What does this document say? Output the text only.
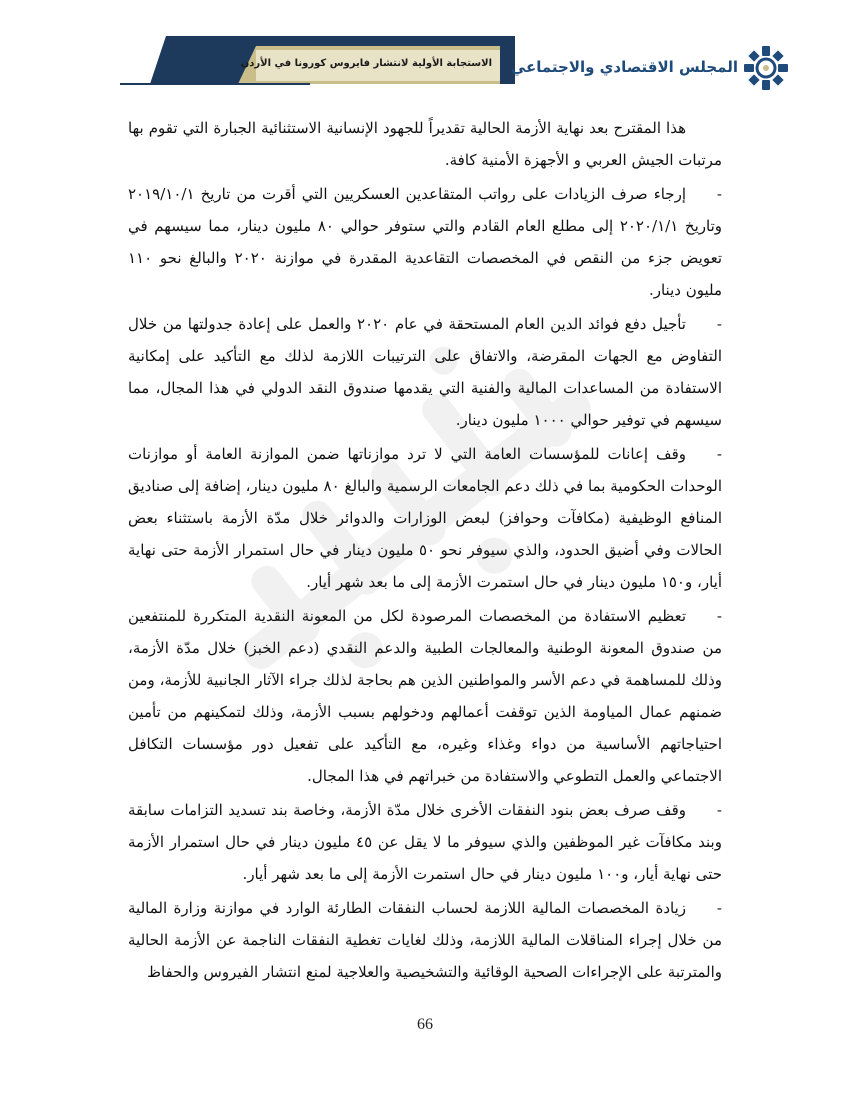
الاستجابة الأولية لانتشار فايروس كورونا في الأردن المجلس الاقتصادي والاجتماعي

هذا المقترح بعد نهاية الأزمة الحالية تقديراً للجهود الإنسانية الاستثنائية الجبارة التي تقوم بها مرتبات الجيش العربي و الأجهزة الأمنية كافة.

-إرجاء صرف الزيادات على رواتب المتقاعدين العسكريين التي أقرت من تاريخ ٢٠١٩/١٠/١ وتاريخ ٢٠٢٠/١/١ إلى مطلع العام القادم والتي ستوفر حوالي ٨٠ مليون دينار، مما سيسهم في تعويض جزء من النقص في المخصصات التقاعدية المقدرة في موازنة ٢٠٢٠ والبالغ نحو ١١٠ مليون دينار.

-تأجيل دفع فوائد الدين العام المستحقة في عام ٢٠٢٠ والعمل على إعادة جدولتها من خلال التفاوض مع الجهات المقرضة، والاتفاق على الترتيبات اللازمة لذلك مع التأكيد على إمكانية الاستفادة من المساعدات المالية والفنية التي يقدمها صندوق النقد الدولي في هذا المجال، مما سيسهم في توفير حوالي ١٠٠٠ مليون دينار.

-وقف إعانات للمؤسسات العامة التي لا ترد موازناتها ضمن الموازنة العامة أو موازنات الوحدات الحكومية بما في ذلك دعم الجامعات الرسمية والبالغ ٨٠ مليون دينار، إضافة إلى صناديق المنافع الوظيفية (مكافآت وحوافز) لبعض الوزارات والدوائر خلال مدّة الأزمة باستثناء بعض الحالات وفي أضيق الحدود، والذي سيوفر نحو ٥٠ مليون دينار في حال استمرار الأزمة حتى نهاية أيار، و١٥٠ مليون دينار في حال استمرت الأزمة إلى ما بعد شهر أيار.

-تعظيم الاستفادة من المخصصات المرصودة لكل من المعونة النقدية المتكررة للمنتفعين من صندوق المعونة الوطنية والمعالجات الطبية والدعم النقدي (دعم الخبز) خلال مدّة الأزمة، وذلك للمساهمة في دعم الأسر والمواطنين الذين هم بحاجة لذلك جراء الآثار الجانبية للأزمة، ومن ضمنهم عمال المياومة الذين توقفت أعمالهم ودخولهم بسبب الأزمة، وذلك لتمكينهم من تأمين احتياجاتهم الأساسية من دواء وغذاء وغيره، مع التأكيد على تفعيل دور مؤسسات التكافل الاجتماعي والعمل التطوعي والاستفادة من خبراتهم في هذا المجال.

-وقف صرف بعض بنود النفقات الأخرى خلال مدّة الأزمة، وخاصة بند تسديد التزامات سابقة وبند مكافآت غير الموظفين والذي سيوفر ما لا يقل عن ٤٥ مليون دينار في حال استمرار الأزمة حتى نهاية أيار، و١٠٠ مليون دينار في حال استمرت الأزمة إلى ما بعد شهر أيار.

-زيادة المخصصات المالية اللازمة لحساب النفقات الطارئة الوارد في موازنة وزارة المالية من خلال إجراء المناقلات المالية اللازمة، وذلك لغايات تغطية النفقات الناجمة عن الأزمة الحالية والمترتبة على الإجراءات الصحية الوقائية والتشخيصية والعلاجية لمنع انتشار الفيروس والحفاظ

66
